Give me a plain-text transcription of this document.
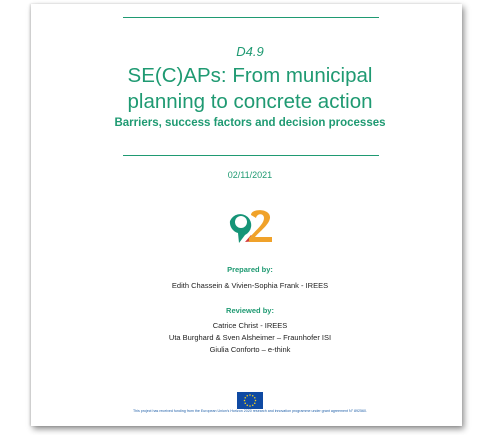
D4.9
SE(C)APs: From municipal
planning to concrete action
Barriers, success factors and decision processes
02/11/2021
Prepared by:
Edith Chassein & Vivien-Sophia Frank - IREES
Reviewed by:
Catrice Christ - IREES
Uta Burghard & Sven Alsheimer – Fraunhofer ISI
Giulia Conforto – e-think
This project has received funding from the European Union's Horizon 2020 research and innovation programme under grant agreement N° 892560.
